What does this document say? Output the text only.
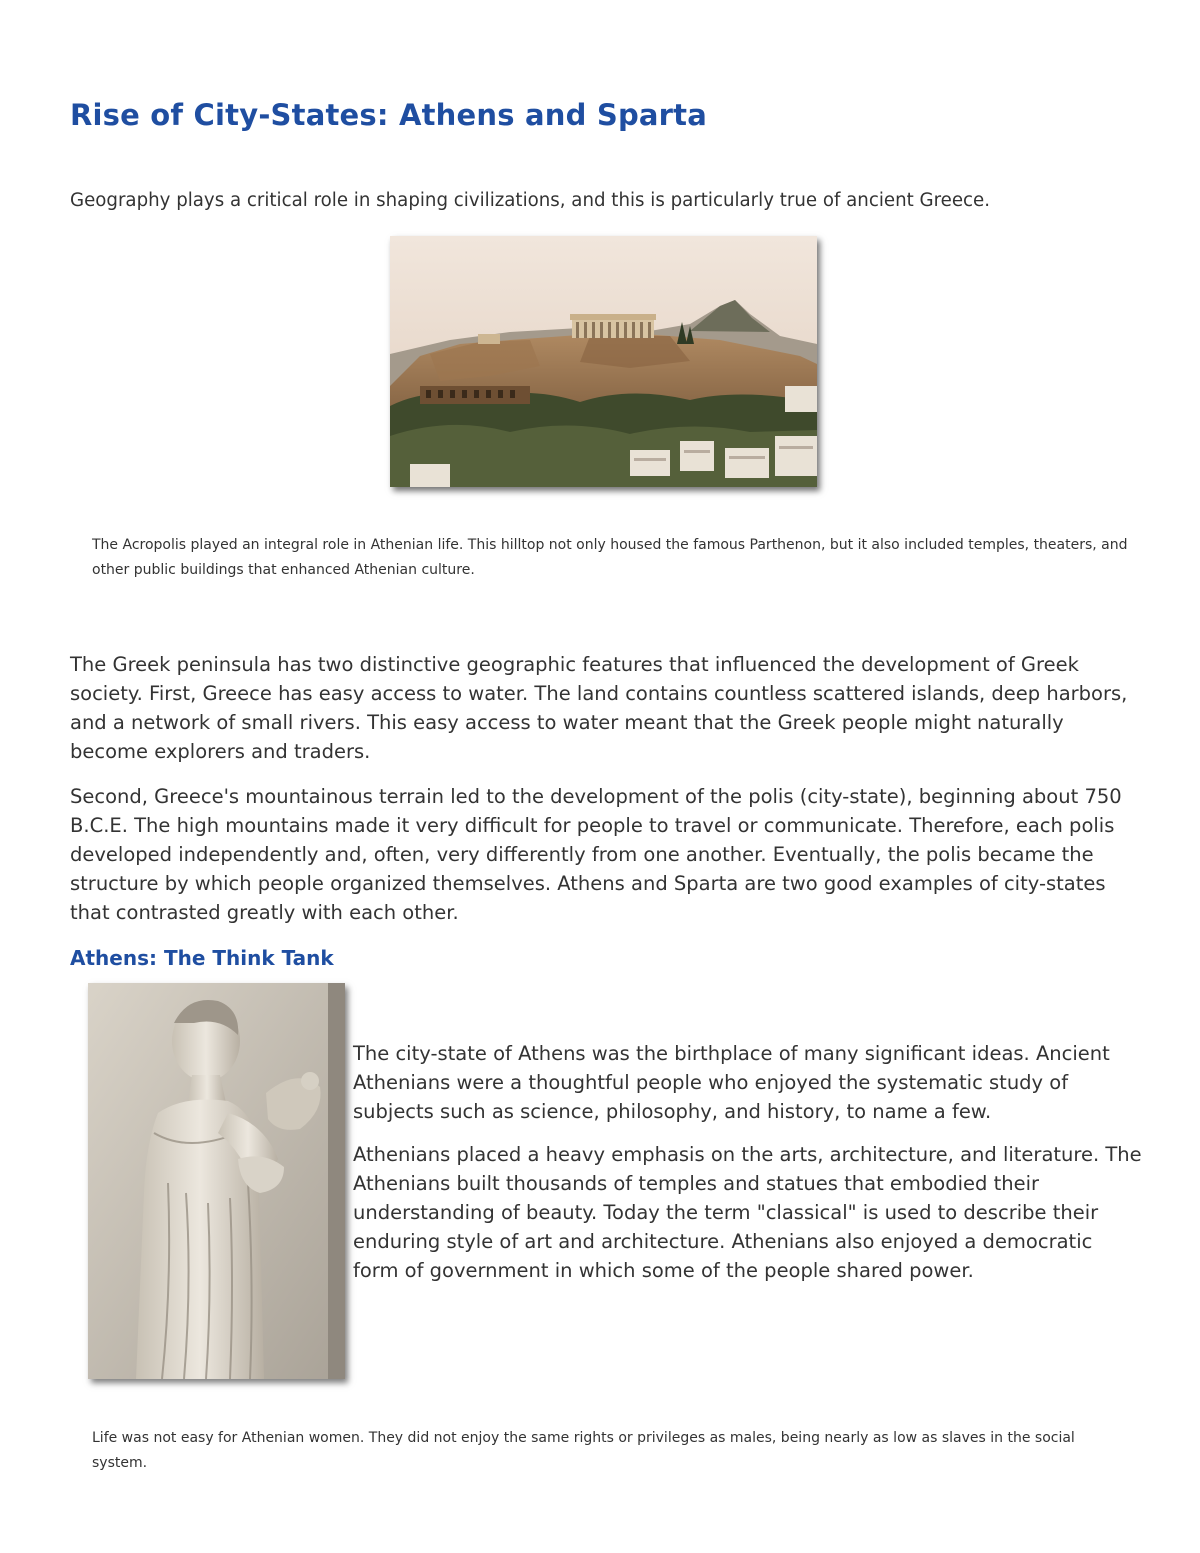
Rise of City-States: Athens and Sparta

Geography plays a critical role in shaping civilizations, and this is particularly true of ancient Greece.

The Acropolis played an integral role in Athenian life. This hilltop not only housed the famous Parthenon, but it also included temples, theaters, and other public buildings that enhanced Athenian culture.

The Greek peninsula has two distinctive geographic features that influenced the development of Greek society. First, Greece has easy access to water. The land contains countless scattered islands, deep harbors, and a network of small rivers. This easy access to water meant that the Greek people might naturally become explorers and traders.

Second, Greece's mountainous terrain led to the development of the polis (city-state), beginning about 750 B.C.E. The high mountains made it very difficult for people to travel or communicate. Therefore, each polis developed independently and, often, very differently from one another. Eventually, the polis became the structure by which people organized themselves. Athens and Sparta are two good examples of city-states that contrasted greatly with each other.

Athens: The Think Tank

The city-state of Athens was the birthplace of many significant ideas. Ancient Athenians were a thoughtful people who enjoyed the systematic study of subjects such as science, philosophy, and history, to name a few.

Athenians placed a heavy emphasis on the arts, architecture, and literature. The Athenians built thousands of temples and statues that embodied their understanding of beauty. Today the term "classical" is used to describe their enduring style of art and architecture. Athenians also enjoyed a democratic form of government in which some of the people shared power.

Life was not easy for Athenian women. They did not enjoy the same rights or privileges as males, being nearly as low as slaves in the social system.
